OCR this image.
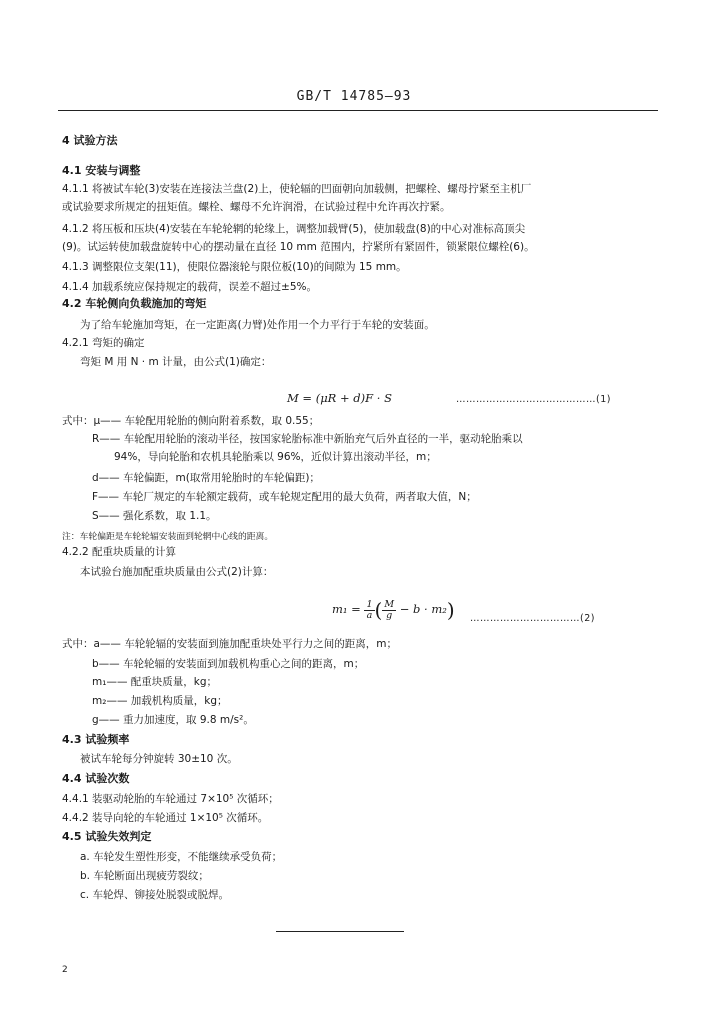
GB/T 14785—93
4 试验方法
4.1 安装与调整
4.1.1 将被试车轮(3)安装在连接法兰盘(2)上，使轮辐的凹面朝向加载侧，把螺栓、螺母拧紧至主机厂
或试验要求所规定的扭矩值。螺栓、螺母不允许润滑，在试验过程中允许再次拧紧。
4.1.2 将压板和压块(4)安装在车轮轮辋的轮缘上，调整加载臂(5)，使加载盘(8)的中心对准标高顶尖
(9)。试运转使加载盘旋转中心的摆动量在直径 10 mm 范围内，拧紧所有紧固件，锁紧限位螺栓(6)。
4.1.3 调整限位支架(11)，使限位器滚轮与限位板(10)的间隙为 15 mm。
4.1.4 加载系统应保持规定的载荷，误差不超过±5%。
4.2 车轮侧向负载施加的弯矩
为了给车轮施加弯矩，在一定距离(力臂)处作用一个力平行于车轮的安装面。
4.2.1 弯矩的确定
弯矩 M 用 N · m 计量，由公式(1)确定：
M = (μR + d)F · S	……………………………………(1)
式中：μ—— 车轮配用轮胎的侧向附着系数，取 0.55；
R—— 车轮配用轮胎的滚动半径，按国家轮胎标准中新胎充气后外直径的一半，驱动轮胎乘以
94%，导向轮胎和农机具轮胎乘以 96%，近似计算出滚动半径，m；
d—— 车轮偏距，m(取常用轮胎时的车轮偏距)；
F—— 车轮厂规定的车轮额定载荷，或车轮规定配用的最大负荷，两者取大值，N；
S—— 强化系数，取 1.1。
注：车轮偏距是车轮轮辐安装面到轮辋中心线的距离。
4.2.2 配重块质量的计算
本试验台施加配重块质量由公式(2)计算：
$m_1 = \frac{1}{a}$ ( $\frac{M}{g} - b \cdot m_2$) ……………………………(2)
式中：a—— 车轮轮辐的安装面到施加配重块处平行力之间的距离，m；
b—— 车轮轮辐的安装面到加载机构重心之间的距离，m；
m₁—— 配重块质量，kg；
m₂—— 加载机构质量，kg；
g—— 重力加速度，取 9.8 m/s²。
4.3 试验频率
被试车轮每分钟旋转 30±10 次。
4.4 试验次数
4.4.1 装驱动轮胎的车轮通过 7×10⁵ 次循环；
4.4.2 装导向轮的车轮通过 1×10⁵ 次循环。
4.5 试验失效判定
a. 车轮发生塑性形变，不能继续承受负荷；
b. 车轮断面出现疲劳裂纹；
c. 车轮焊、铆接处脱裂或脱焊。
2
